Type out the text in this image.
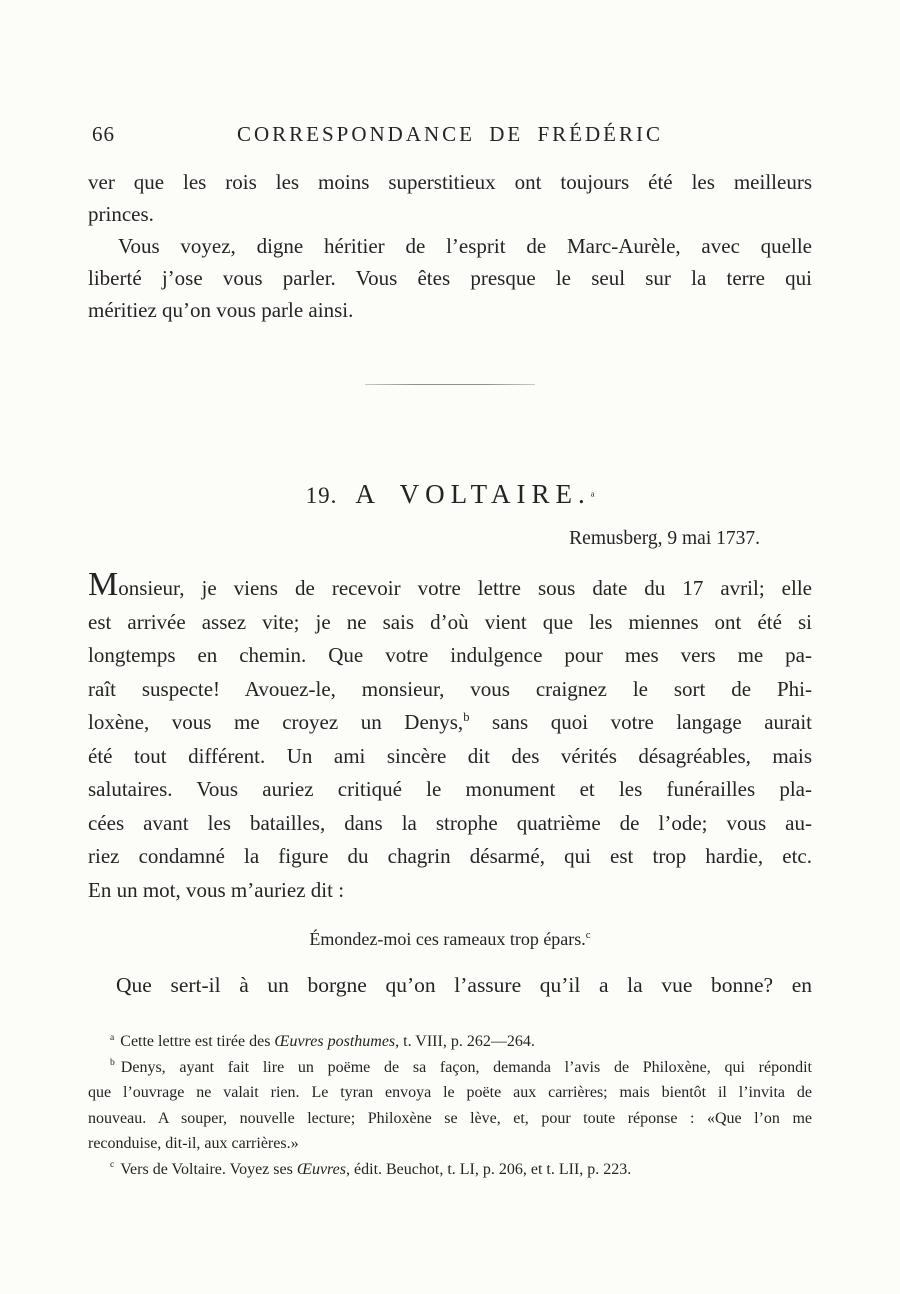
66	CORRESPONDANCE DE FRÉDÉRIC
ver que les rois les moins superstitieux ont toujours été les meilleurs
princes.
Vous voyez, digne héritier de l’esprit de Marc-Aurèle, avec quelle
liberté j’ose vous parler. Vous êtes presque le seul sur la terre qui
méritiez qu’on vous parle ainsi.
19. A VOLTAIRE.$^a$
Remusberg, 9 mai 1737.
Monsieur, je viens de recevoir votre lettre sous date du 17 avril; elle
est arrivée assez vite; je ne sais d’où vient que les miennes ont été si
longtemps en chemin. Que votre indulgence pour mes vers me pa-
raît suspecte! Avouez-le, monsieur, vous craignez le sort de Phi-
loxène, vous me croyez un Denys,$^b$ sans quoi votre langage aurait
été tout différent. Un ami sincère dit des vérités désagréables, mais
salutaires. Vous auriez critiqué le monument et les funérailles pla-
cées avant les batailles, dans la strophe quatrième de l’ode; vous au-
riez condamné la figure du chagrin désarmé, qui est trop hardie, etc.
En un mot, vous m’auriez dit :
Émondez-moi ces rameaux trop épars.$^c$
Que sert-il à un borgne qu’on l’assure qu’il a la vue bonne? en
$^a$ Cette lettre est tirée des Œuvres posthumes, t. VIII, p. 262—264.
$^b$ Denys, ayant fait lire un poëme de sa façon, demanda l’avis de Philoxène, qui répondit
que l’ouvrage ne valait rien. Le tyran envoya le poëte aux carrières; mais bientôt il l’invita de
nouveau. A souper, nouvelle lecture; Philoxène se lève, et, pour toute réponse : «Que l’on me
reconduise, dit-il, aux carrières.»
$^c$ Vers de Voltaire. Voyez ses Œuvres, édit. Beuchot, t. LI, p. 206, et t. LII, p. 223.
